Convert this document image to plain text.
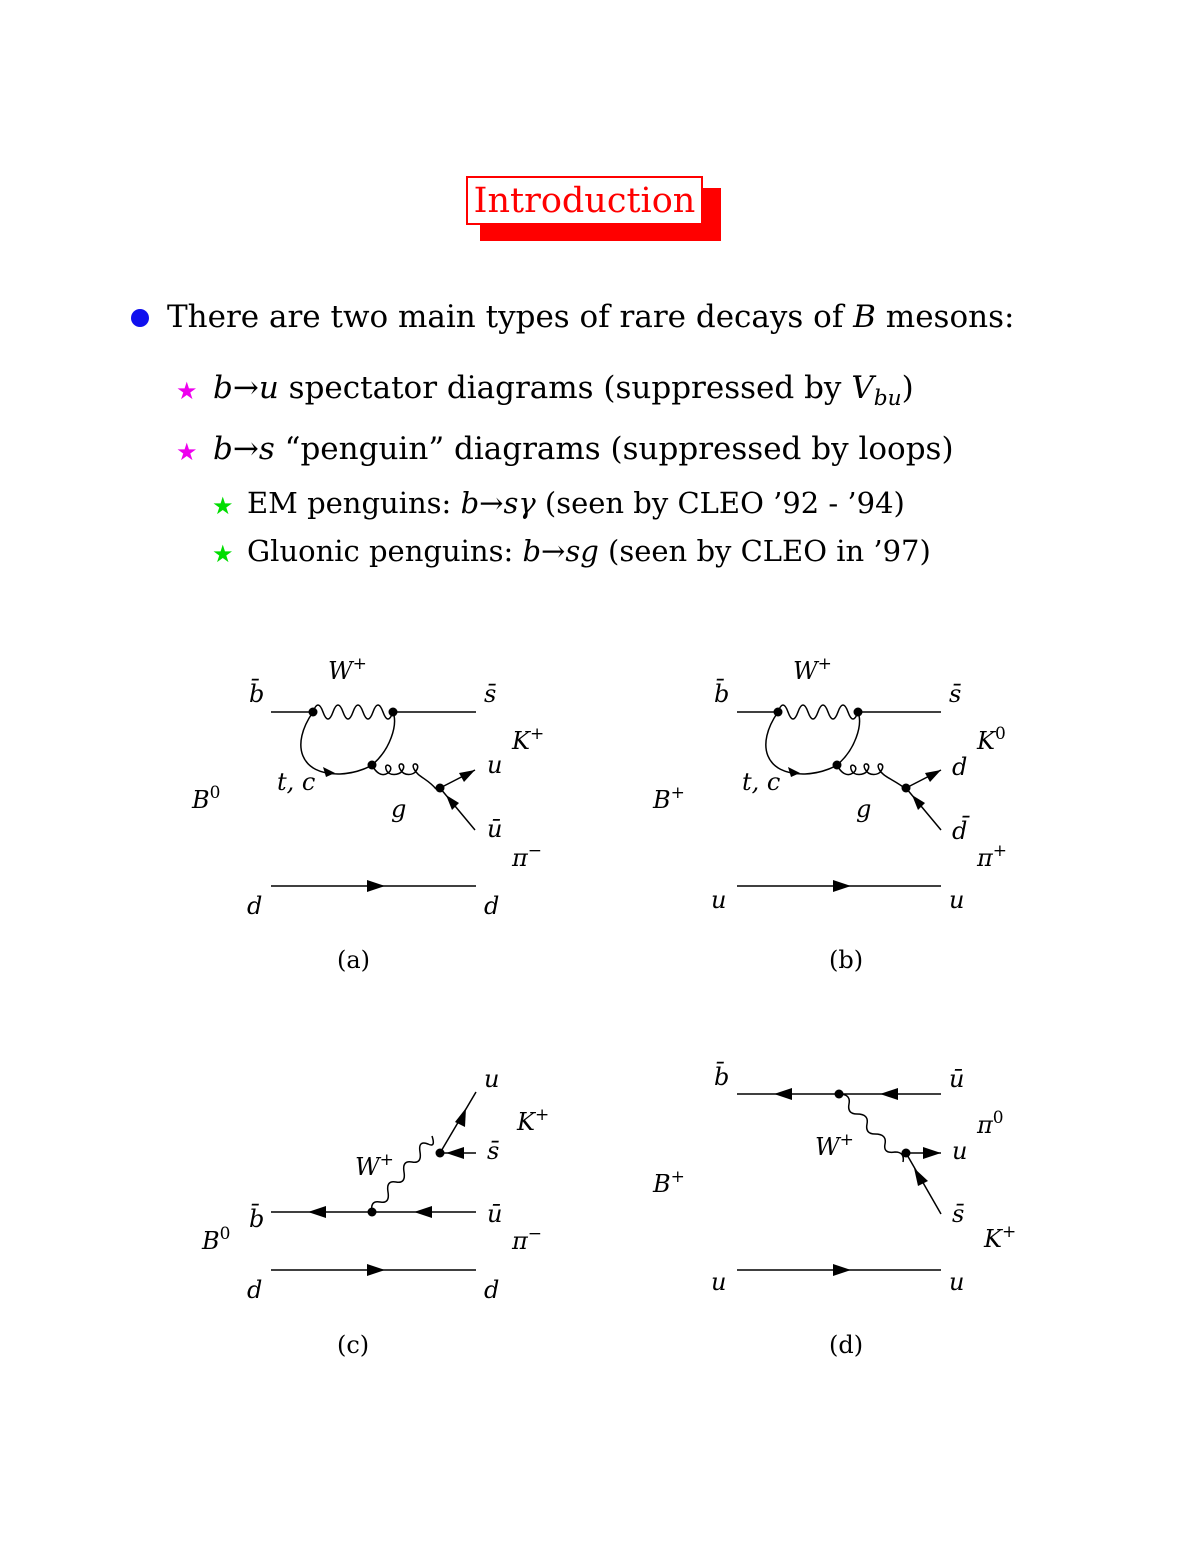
Introduction
There are two main types of rare decays of B mesons:
★ b→u spectator diagrams (suppressed by $V_{bu}$)
★ b→s “penguin” diagrams (suppressed by loops)
★ EM penguins: b→sγ (seen by CLEO ’92 - ’94)
★ Gluonic penguins: b→sg (seen by CLEO in ’97)
W+
b̄	s̄
K+
u
t, c
$B^0$
g
ū
π−
d	d
(a)
W+
b̄	s̄
$K^0$
d
t, c
B+
g
d̄
π+
u	u
(b)
u
K+
s̄
W+
b̄	ū
$B^0$	π−
d	d
(c)
b̄	ū
$\pi^0$
W+	u
B+
s̄
K+
u	u
(d)
